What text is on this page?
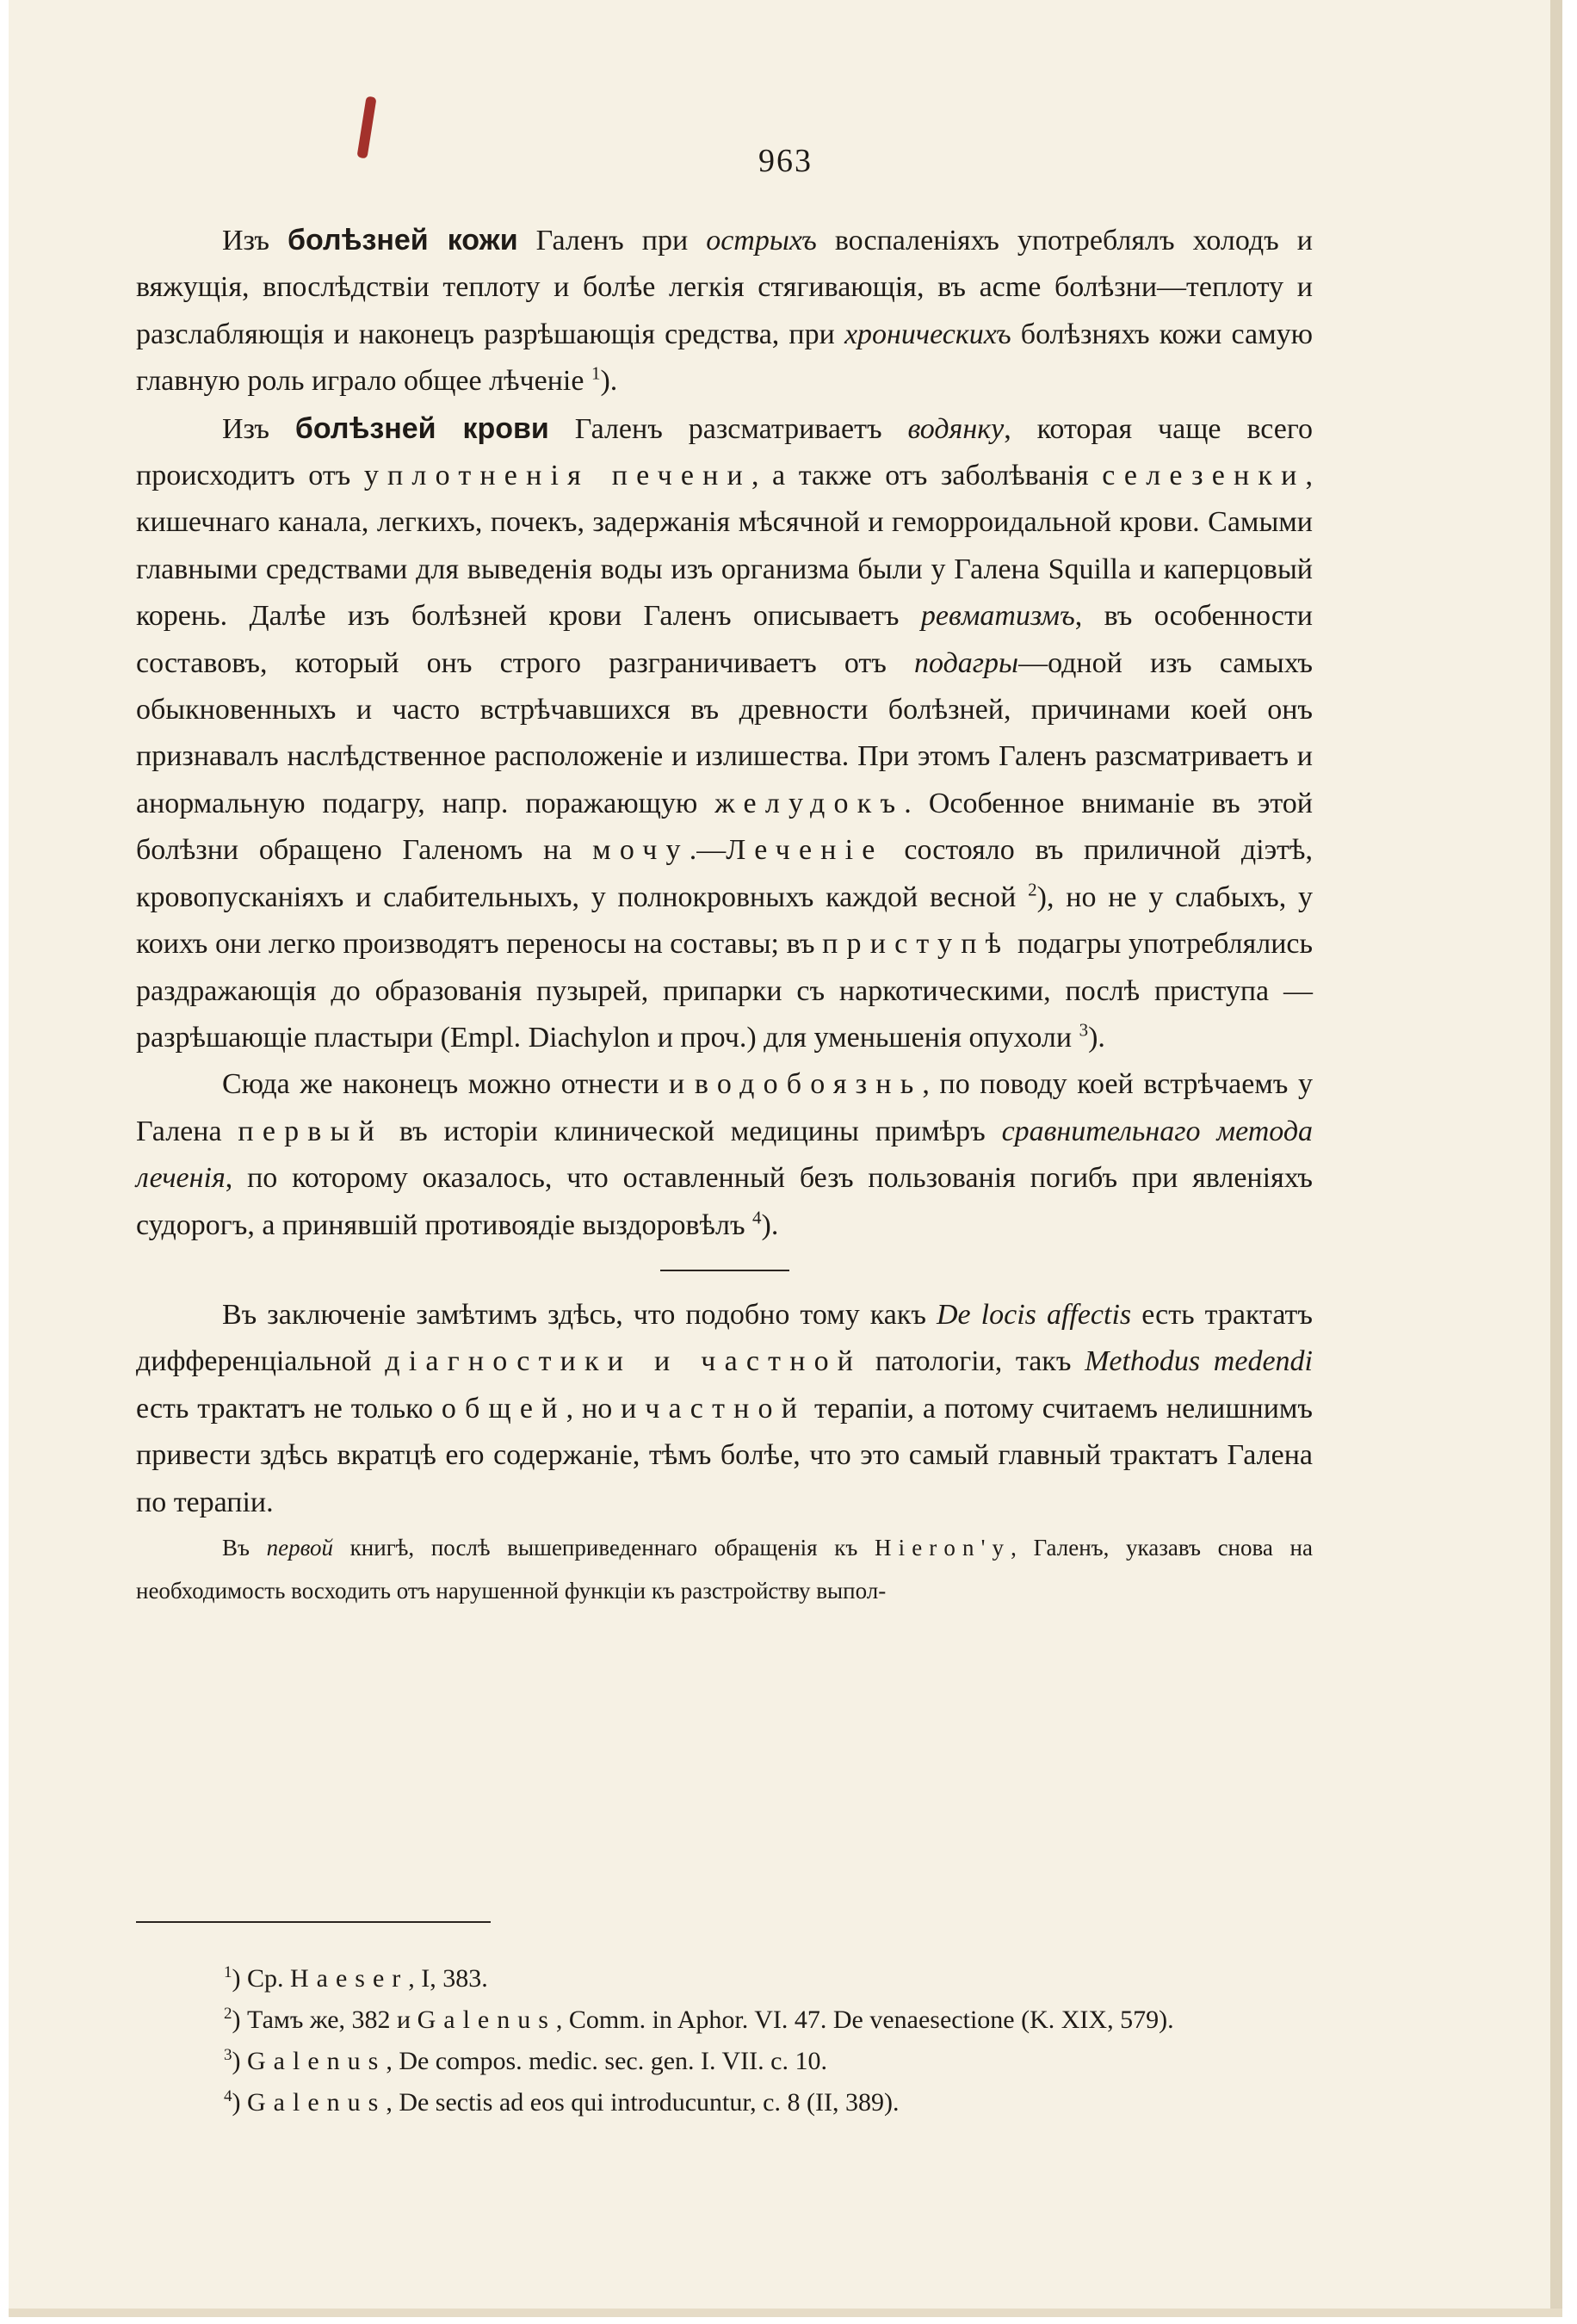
963

Изъ болѣзней кожи Галенъ при острыхъ воспаленіяхъ употреблялъ холодъ и вяжущія, впослѣдствіи теплоту и болѣе легкія стягивающія, въ acme болѣзни—теплоту и разслабляющія и наконецъ разрѣшающія средства, при хроническихъ болѣзняхъ кожи самую главную роль играло общее лѣченіе $^1$).

Изъ болѣзней крови Галенъ разсматриваетъ водянку, которая чаще всего происходитъ отъ уплотненія печени, а также отъ заболѣванія селезенки, кишечнаго канала, легкихъ, почекъ, задержанія мѣсячной и геморроидальной крови. Самыми главными средствами для выведенія воды изъ организма были у Галена Squilla и каперцовый корень. Далѣе изъ болѣзней крови Галенъ описываетъ ревматизмъ, въ особенности составовъ, который онъ строго разграничиваетъ отъ подагры—одной изъ самыхъ обыкновенныхъ и часто встрѣчавшихся въ древности болѣзней, причинами коей онъ признавалъ наслѣдственное расположеніе и излишества. При этомъ Галенъ разсматриваетъ и анормальную подагру, напр. поражающую желудокъ. Особенное вниманіе въ этой болѣзни обращено Галеномъ на мочу.—Леченіе состояло въ приличной діэтѣ, кровопусканіяхъ и слабительныхъ, у полнокровныхъ каждой весной $^2$), но не у слабыхъ, у коихъ они легко производятъ переносы на составы; въ приступѣ подагры употреблялись раздражающія до образованія пузырей, припарки съ наркотическими, послѣ приступа — разрѣшающіе пластыри (Empl. Diachylon и проч.) для уменьшенія опухоли $^3$).

Сюда же наконецъ можно отнести и водобоязнь, по поводу коей встрѣчаемъ у Галена первый въ исторіи клинической медицины примѣръ сравнительнаго метода леченія, по которому оказалось, что оставленный безъ пользованія погибъ при явленіяхъ судорогъ, а принявшій противоядіе выздоровѣлъ $^4$).

Въ заключеніе замѣтимъ здѣсь, что подобно тому какъ De locis affectis есть трактатъ дифференціальной діагностики и частной патологіи, такъ Methodus medendi есть трактатъ не только общей, но и частной терапіи, а потому считаемъ нелишнимъ привести здѣсь вкратцѣ его содержаніе, тѣмъ болѣе, что это самый главный трактатъ Галена по терапіи.

Въ первой книгѣ, послѣ вышеприведеннаго обращенія къ Hieron'у, Галенъ, указавъ снова на необходимость восходить отъ нарушенной функціи къ разстройству выпол-

$^1$) Ср. Haeser, I, 383.
$^2$) Тамъ же, 382 и Galenus, Comm. in Aphor. VI. 47. De venaesectione (K. XIX, 579).
$^3$) Galenus, De compos. medic. sec. gen. I. VII. c. 10.
$^4$) Galenus, De sectis ad eos qui introducuntur, c. 8 (II, 389).
